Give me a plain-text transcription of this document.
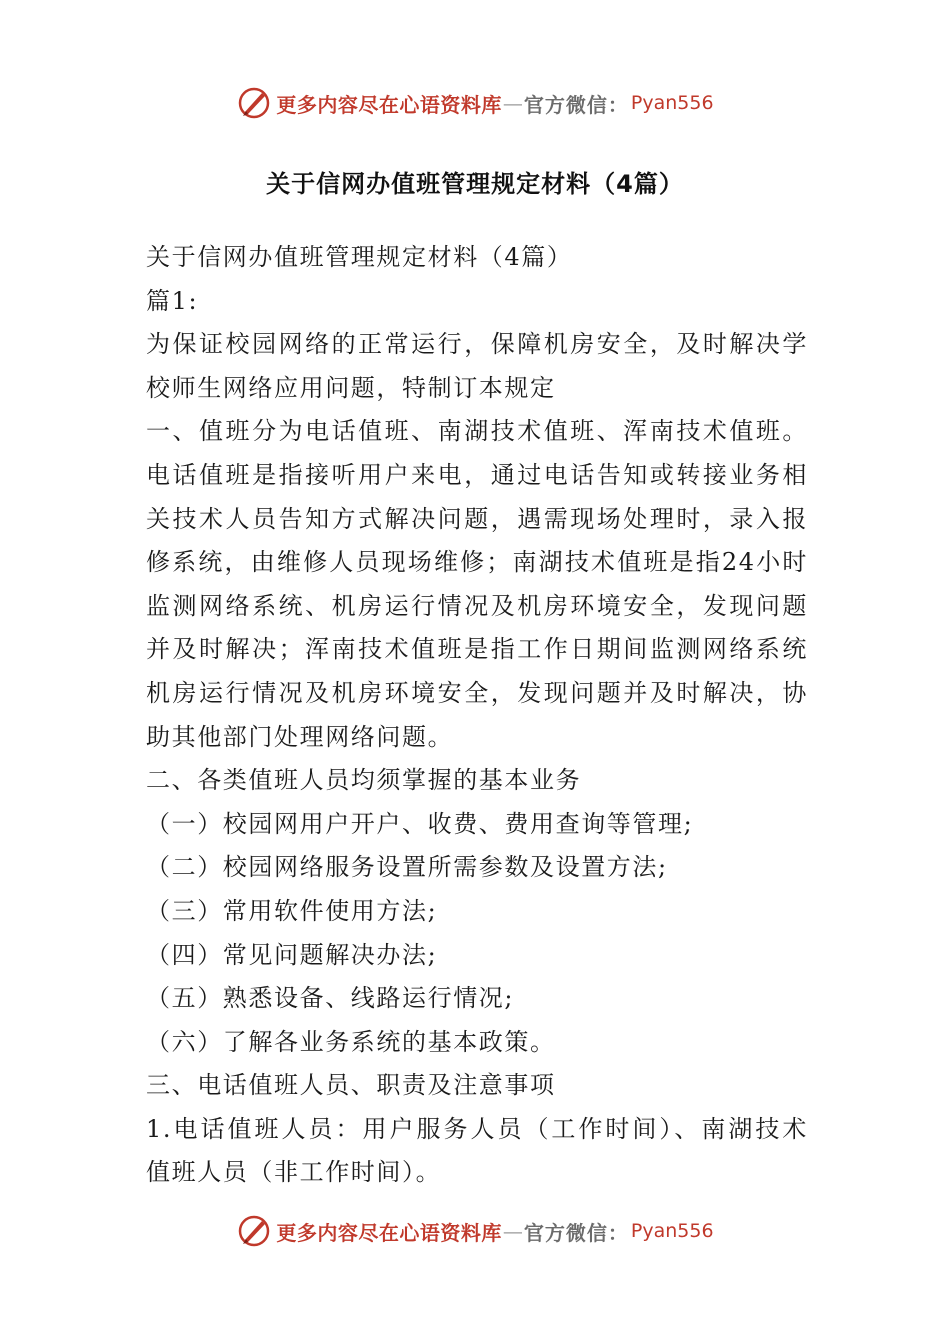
更多内容尽在心语资料库 — 官方微信： Pyan556
关于信网办值班管理规定材料（4篇）

关于信网办值班管理规定材料（4篇）

篇1:

为保证校园网络的正常运行，保障机房安全，及时解决学

校师生网络应用问题，特制订本规定

一、值班分为电话值班、南湖技术值班、浑南技术值班。

电话值班是指接听用户来电，通过电话告知或转接业务相

关技术人员告知方式解决问题，遇需现场处理时，录入报

修系统，由维修人员现场维修；南湖技术值班是指24小时

监测网络系统、机房运行情况及机房环境安全，发现问题

并及时解决；浑南技术值班是指工作日期间监测网络系统

机房运行情况及机房环境安全，发现问题并及时解决，协

助其他部门处理网络问题。

二、各类值班人员均须掌握的基本业务

（一）校园网用户开户、收费、费用查询等管理;

（二）校园网络服务设置所需参数及设置方法;

（三）常用软件使用方法;

（四）常见问题解决办法;

（五）熟悉设备、线路运行情况;

（六）了解各业务系统的基本政策。

三、电话值班人员、职责及注意事项

1.电话值班人员：用户服务人员（工作时间）、南湖技术

值班人员（非工作时间）。

更多内容尽在心语资料库 — 官方微信： Pyan556
